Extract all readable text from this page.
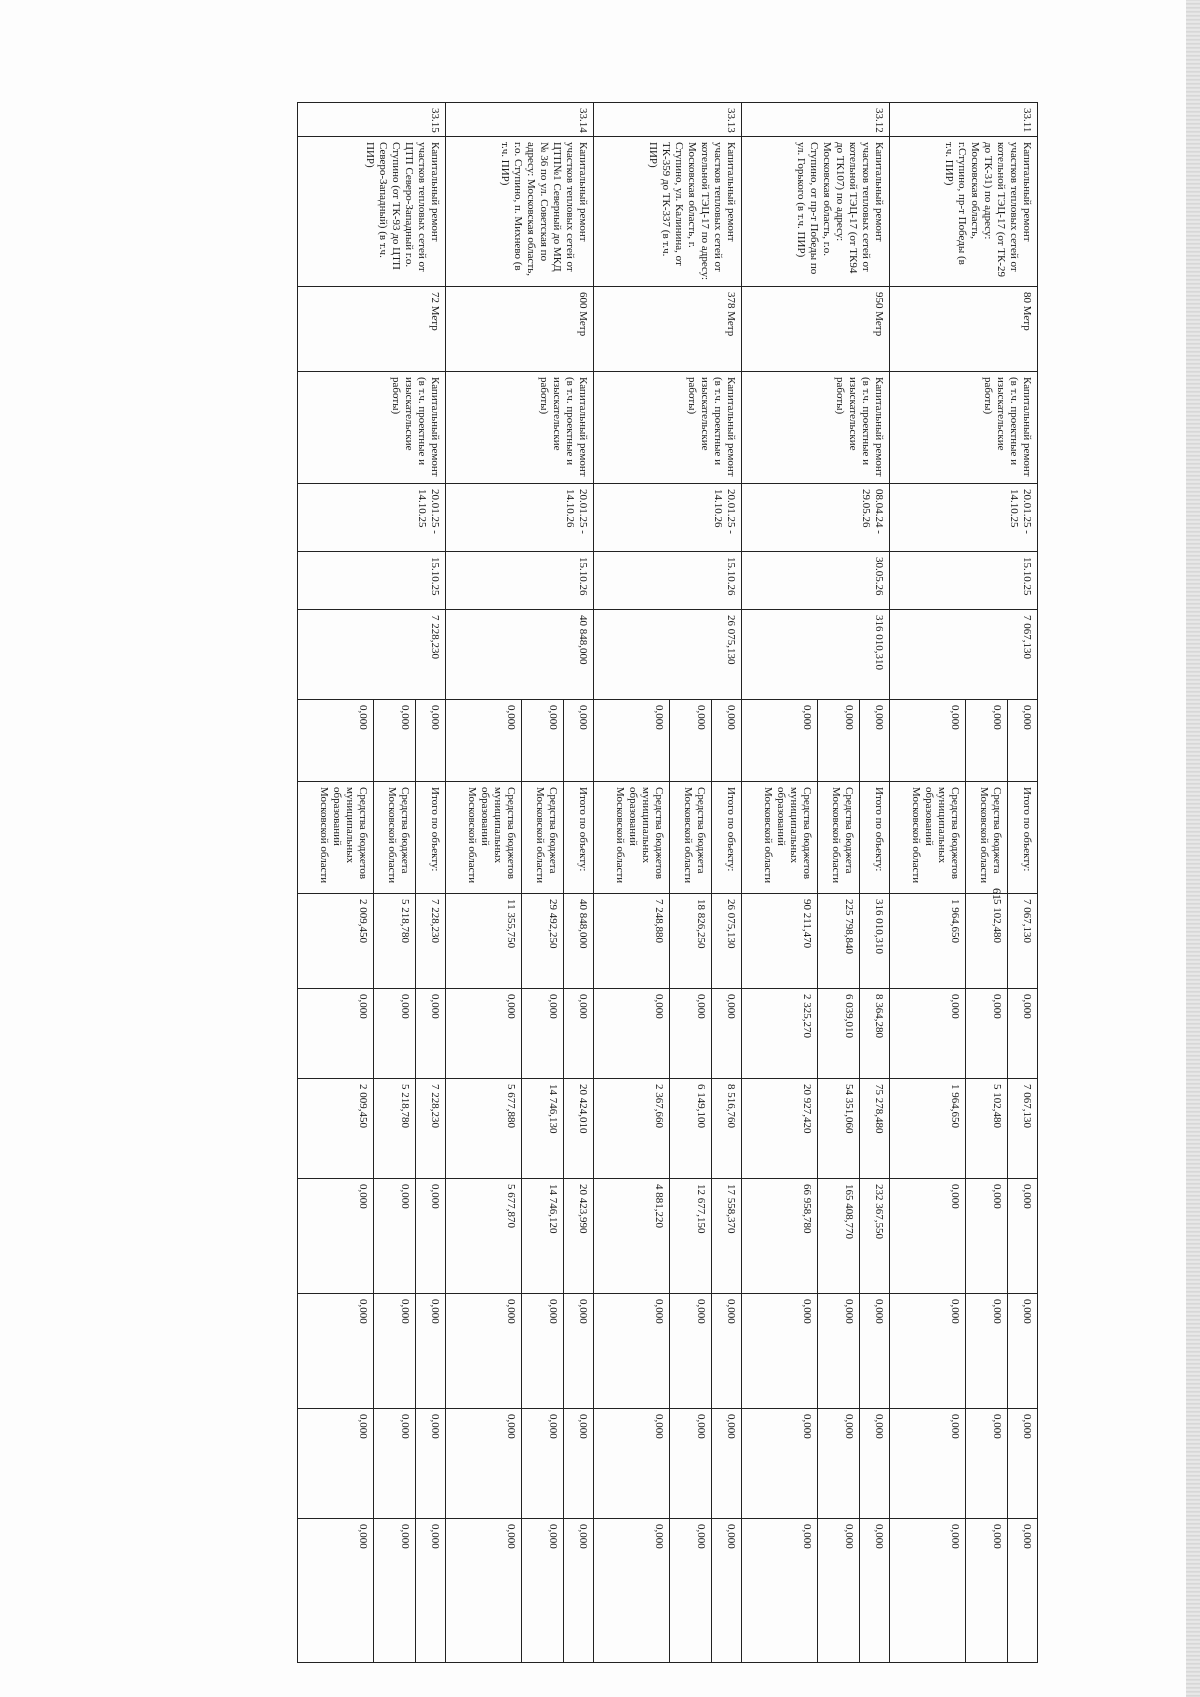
33.11	Капитальный ремонт участков тепловых сетей от котельной ТЭЦ-17 (от ТК-29 до ТК-31) по адресу: Московская область, г.Ступино, пр-т Победы (в т.ч. ПИР)	80 Метр	Капитальный ремонт (в т.ч. проектные и изыскательские работы)	20.01.25 - 14.10.25	15.10.25	7 067,130	0,000	Итого по объекту:	7 067,130	0,000	7 067,130	0,000	0,000	0,000	0,000
							0,000	Средства бюджета Московской области	5 102,480	0,000	5 102,480	0,000	0,000	0,000	0,000
							0,000	Средства бюджетов муниципальных образований Московской области	1 964,650	0,000	1 964,650	0,000	0,000	0,000	0,000
33.12	Капитальный ремонт участков тепловых сетей от котельной ТЭЦ-17 (от ТК94 до ТК107) по адресу: Московская область, г.о. Ступино, от пр-т Победы по ул. Горького (в т.ч. ПИР)	950 Метр	Капитальный ремонт (в т.ч. проектные и изыскательские работы)	08.04.24 - 29.05.26	30.05.26	316 010,310	0,000	Итого по объекту:	316 010,310	8 364,280	75 278,480	232 367,550	0,000	0,000	0,000
							0,000	Средства бюджета Московской области	225 798,840	6 039,010	54 351,060	165 408,770	0,000	0,000	0,000
							0,000	Средства бюджетов муниципальных образований Московской области	90 211,470	2 325,270	20 927,420	66 958,780	0,000	0,000	0,000
33.13	Капитальный ремонт участков тепловых сетей от котельной ТЭЦ-17 по адресу: Московская область, г. Ступино, ул. Калинина, от ТК-359 до ТК-337 (в т.ч. ПИР)	378 Метр	Капитальный ремонт (в т.ч. проектные и изыскательские работы)	20.01.25 - 14.10.26	15.10.26	26 075,130	0,000	Итого по объекту:	26 075,130	0,000	8 516,760	17 558,370	0,000	0,000	0,000
							0,000	Средства бюджета Московской области	18 826,250	0,000	6 149,100	12 677,150	0,000	0,000	0,000
							0,000	Средства бюджетов муниципальных образований Московской области	7 248,880	0,000	2 367,660	4 881,220	0,000	0,000	0,000
33.14	Капитальный ремонт участков тепловых сетей от ЦТП№1 Северный до МКД № 36 по ул. Советская по адресу: Московская область, г.о. Ступино, п. Михнево (в т.ч. ПИР)	600 Метр	Капитальный ремонт (в т.ч. проектные и изыскательские работы)	20.01.25 - 14.10.26	15.10.26	40 848,000	0,000	Итого по объекту:	40 848,000	0,000	20 424,010	20 423,990	0,000	0,000	0,000
							0,000	Средства бюджета Московской области	29 492,250	0,000	14 746,130	14 746,120	0,000	0,000	0,000
							0,000	Средства бюджетов муниципальных образований Московской области	11 355,750	0,000	5 677,880	5 677,870	0,000	0,000	0,000
33.15	Капитальный ремонт участков тепловых сетей от ЦТП Северо-Западный г.о. Ступино (от ТК-93 до ЦТП Северо-Западный) (в т.ч. ПИР)	72 Метр	Капитальный ремонт (в т.ч. проектные и изыскательские работы)	20.01.25 - 14.10.25	15.10.25	7 228,230	0,000	Итого по объекту:	7 228,230	0,000	7 228,230	0,000	0,000	0,000	0,000
							0,000	Средства бюджета Московской области	5 218,780	0,000	5 218,780	0,000	0,000	0,000	0,000
							0,000	Средства бюджетов муниципальных образований Московской области	2 009,450	0,000	2 009,450	0,000	0,000	0,000	0,000
61
